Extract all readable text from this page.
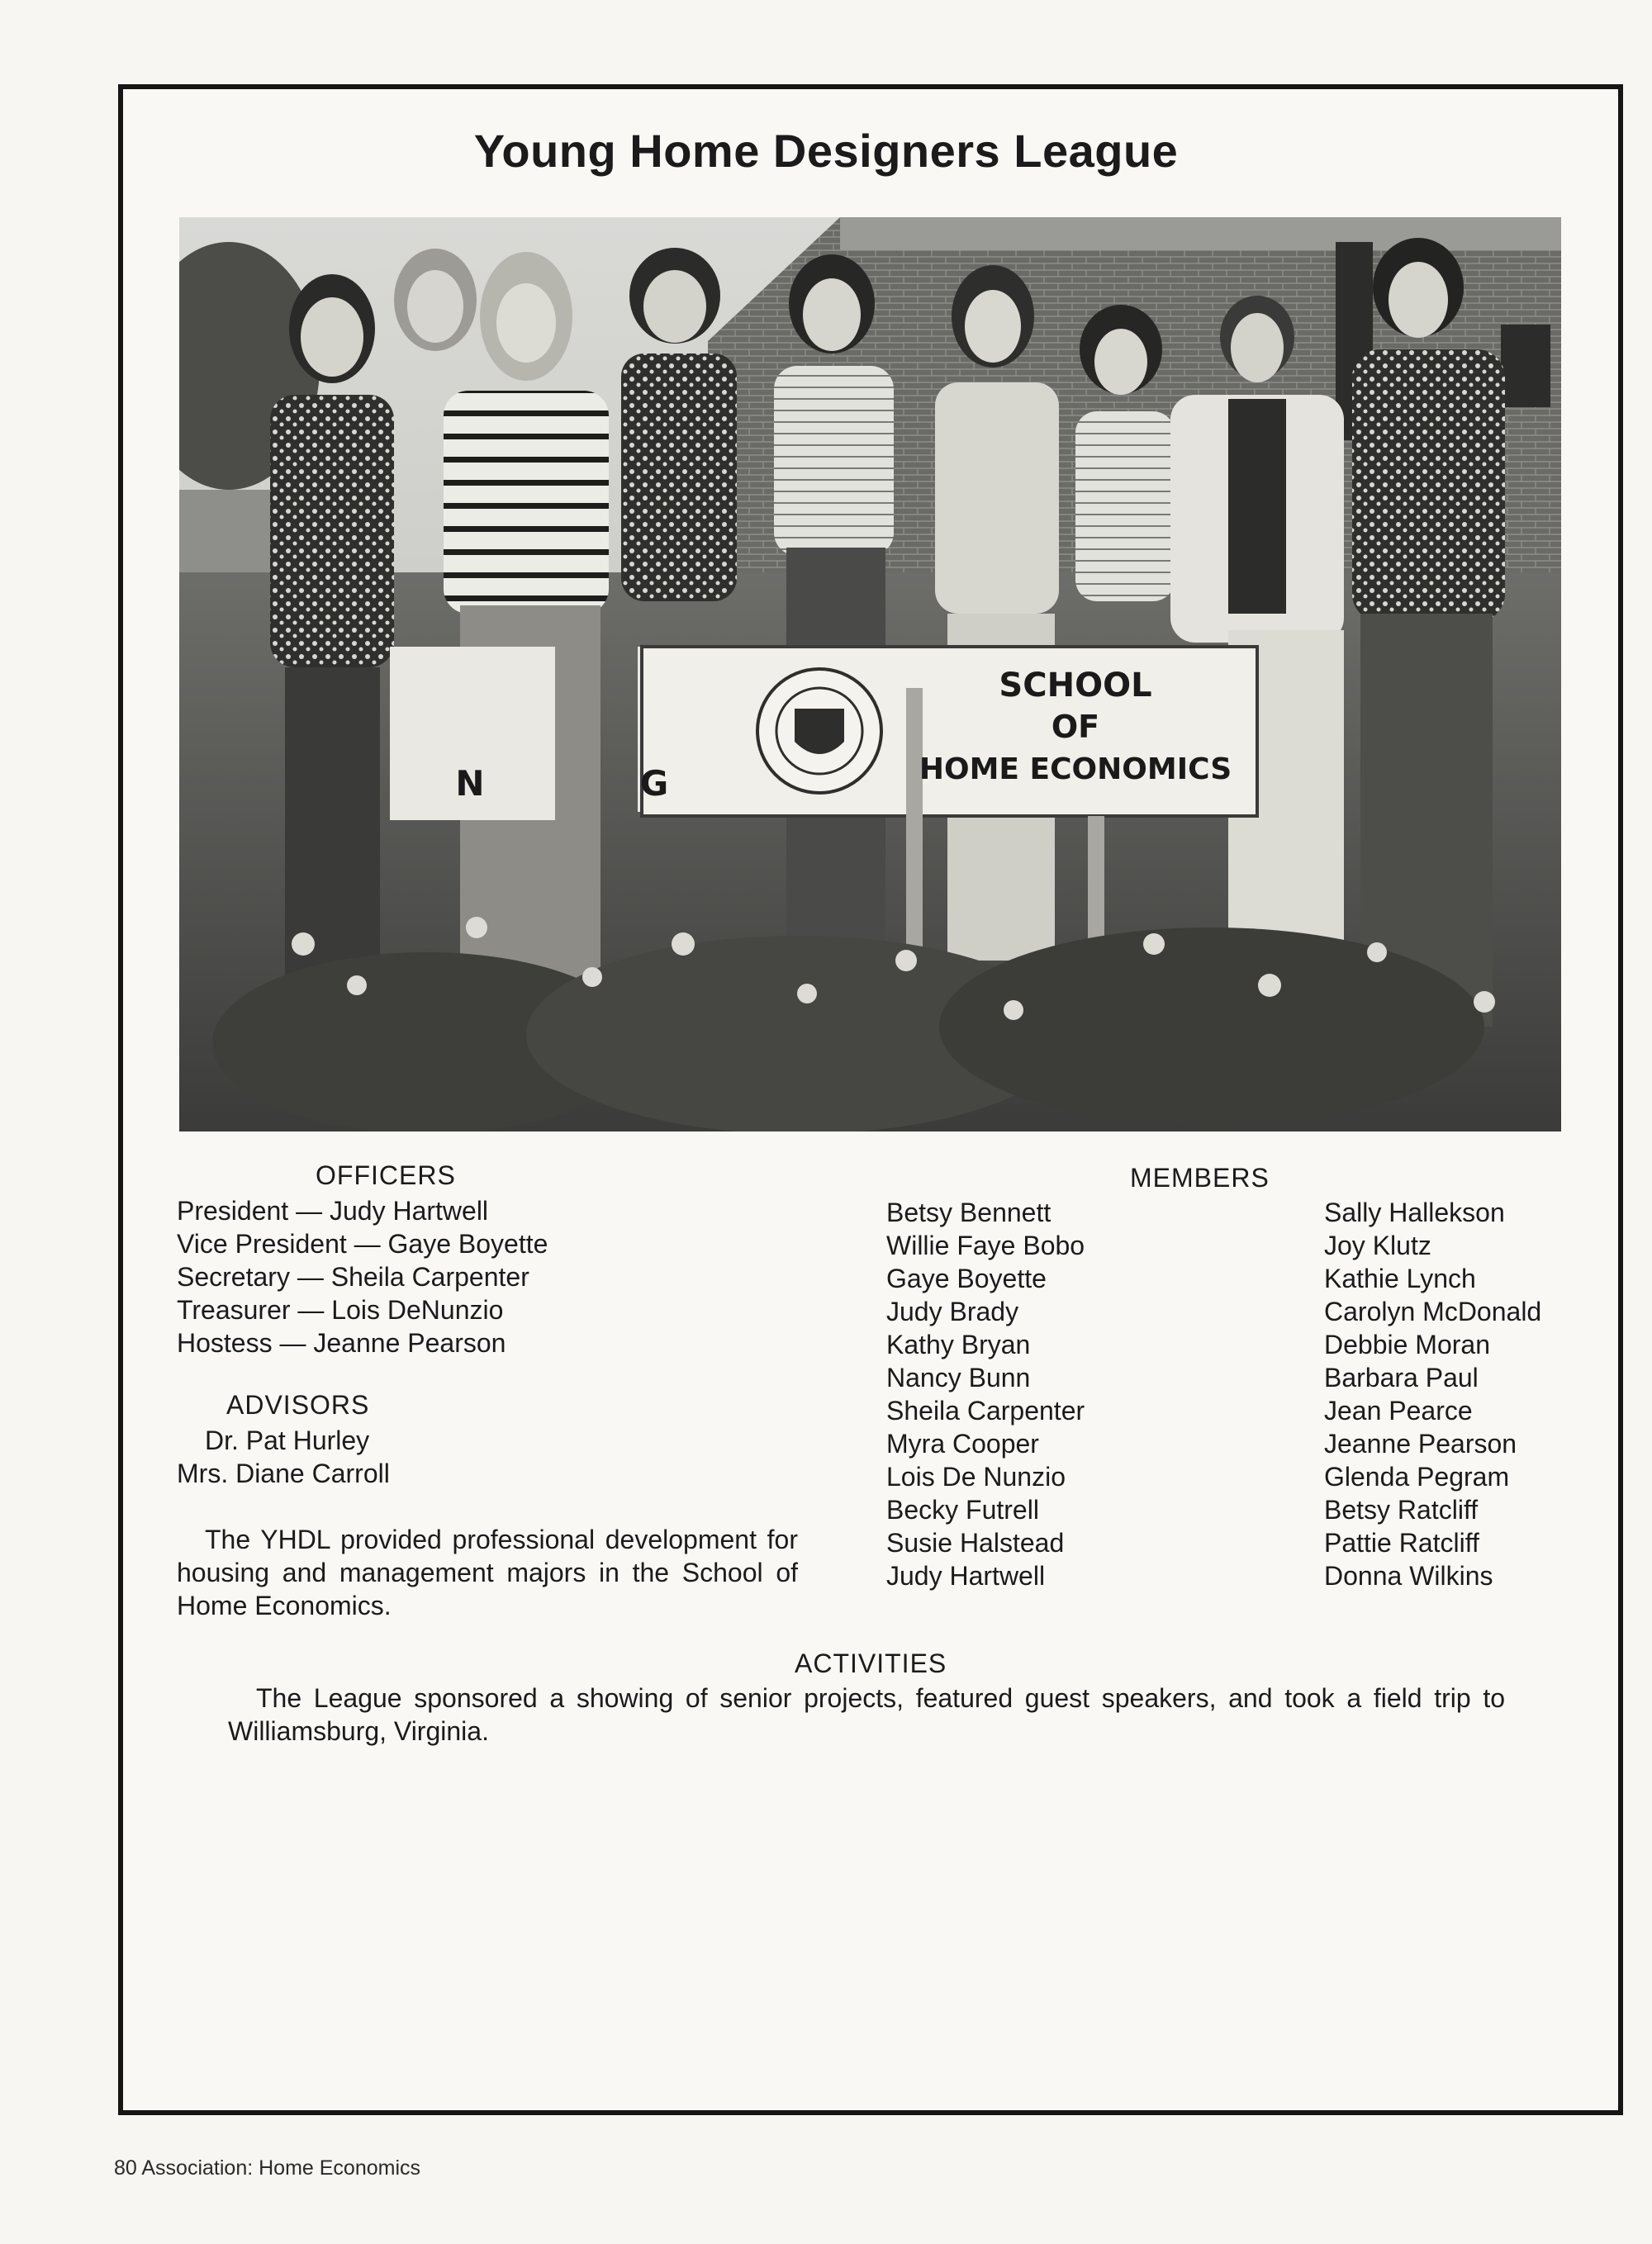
Young Home Designers League
SCHOOL
OF
HOME ECONOMICS
N	G
OFFICERS

President — Judy Hartwell

Vice President — Gaye Boyette

Secretary — Sheila Carpenter

Treasurer — Lois DeNunzio

Hostess — Jeanne Pearson

ADVISORS

Dr. Pat Hurley

Mrs. Diane Carroll

The YHDL provided professional development for housing and management majors in the School of Home Economics.

MEMBERS
Betsy Bennett
Willie Faye Bobo
Gaye Boyette
Judy Brady
Kathy Bryan
Nancy Bunn
Sheila Carpenter
Myra Cooper
Lois De Nunzio
Becky Futrell
Susie Halstead
Judy Hartwell
Sally Hallekson
Joy Klutz
Kathie Lynch
Carolyn McDonald
Debbie Moran
Barbara Paul
Jean Pearce
Jeanne Pearson
Glenda Pegram
Betsy Ratcliff
Pattie Ratcliff
Donna Wilkins
ACTIVITIES

The League sponsored a showing of senior projects, featured guest speakers, and took a field trip to Williamsburg, Virginia.

80 Association: Home Economics
